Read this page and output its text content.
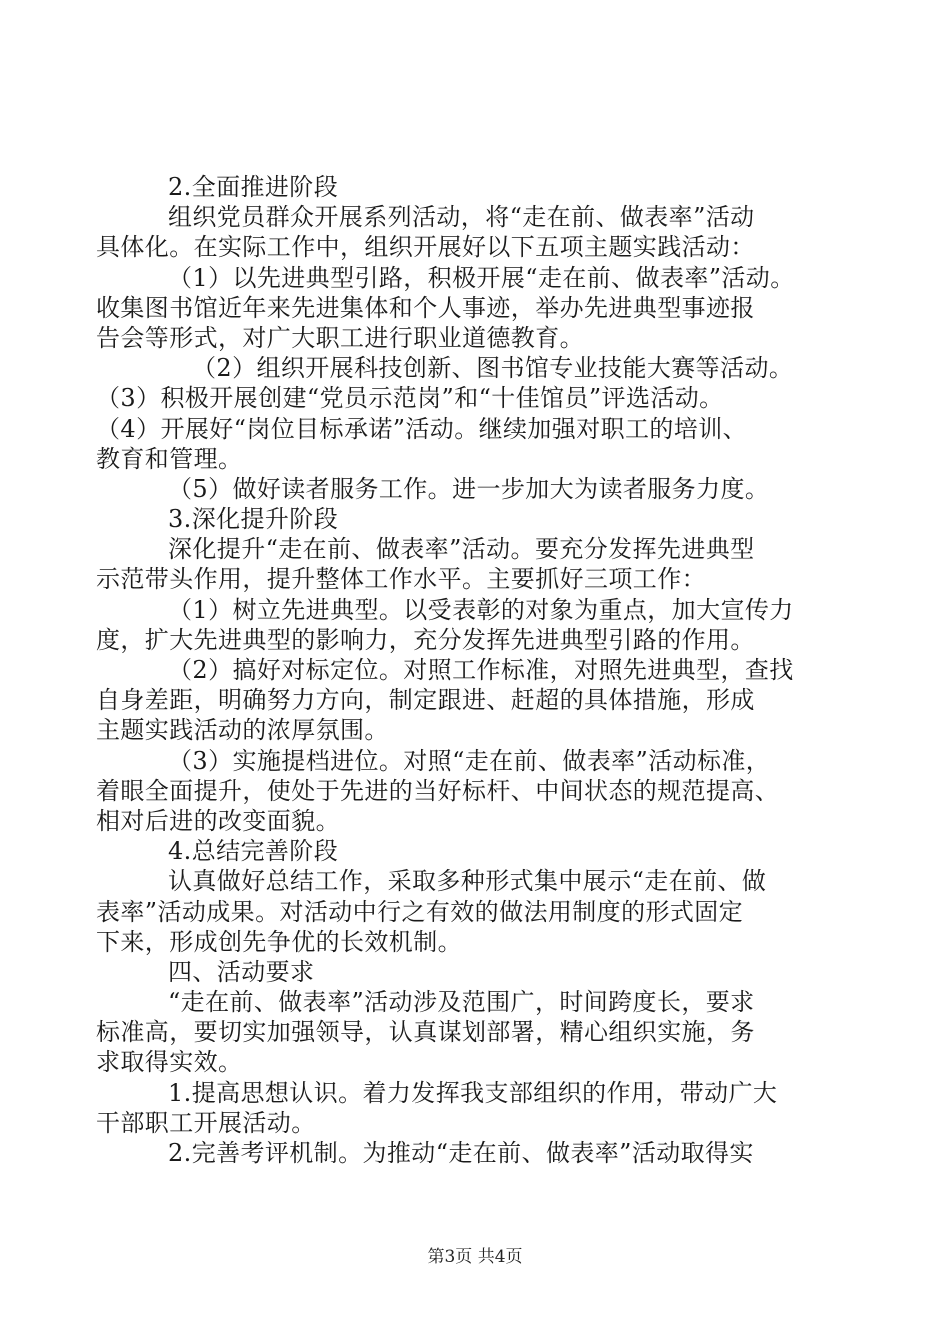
2.全面推进阶段
组织党员群众开展系列活动，将“走在前、做表率”活动
具体化。在实际工作中，组织开展好以下五项主题实践活动：
（1）以先进典型引路，积极开展“走在前、做表率”活动。
收集图书馆近年来先进集体和个人事迹，举办先进典型事迹报
告会等形式，对广大职工进行职业道德教育。
（2）组织开展科技创新、图书馆专业技能大赛等活动。
（3）积极开展创建“党员示范岗”和“十佳馆员”评选活动。
（4）开展好“岗位目标承诺”活动。继续加强对职工的培训、
教育和管理。
（5）做好读者服务工作。进一步加大为读者服务力度。
3.深化提升阶段
深化提升“走在前、做表率”活动。要充分发挥先进典型
示范带头作用，提升整体工作水平。主要抓好三项工作：
（1）树立先进典型。以受表彰的对象为重点，加大宣传力
度，扩大先进典型的影响力，充分发挥先进典型引路的作用。
（2）搞好对标定位。对照工作标准，对照先进典型，查找
自身差距，明确努力方向，制定跟进、赶超的具体措施，形成
主题实践活动的浓厚氛围。
（3）实施提档进位。对照“走在前、做表率”活动标准，
着眼全面提升，使处于先进的当好标杆、中间状态的规范提高、
相对后进的改变面貌。
4.总结完善阶段
认真做好总结工作，采取多种形式集中展示“走在前、做
表率”活动成果。对活动中行之有效的做法用制度的形式固定
下来，形成创先争优的长效机制。
四、活动要求
“走在前、做表率”活动涉及范围广，时间跨度长，要求
标准高，要切实加强领导，认真谋划部署，精心组织实施，务
求取得实效。
1.提高思想认识。着力发挥我支部组织的作用，带动广大
干部职工开展活动。
2.完善考评机制。为推动“走在前、做表率”活动取得实
第3页 共4页
